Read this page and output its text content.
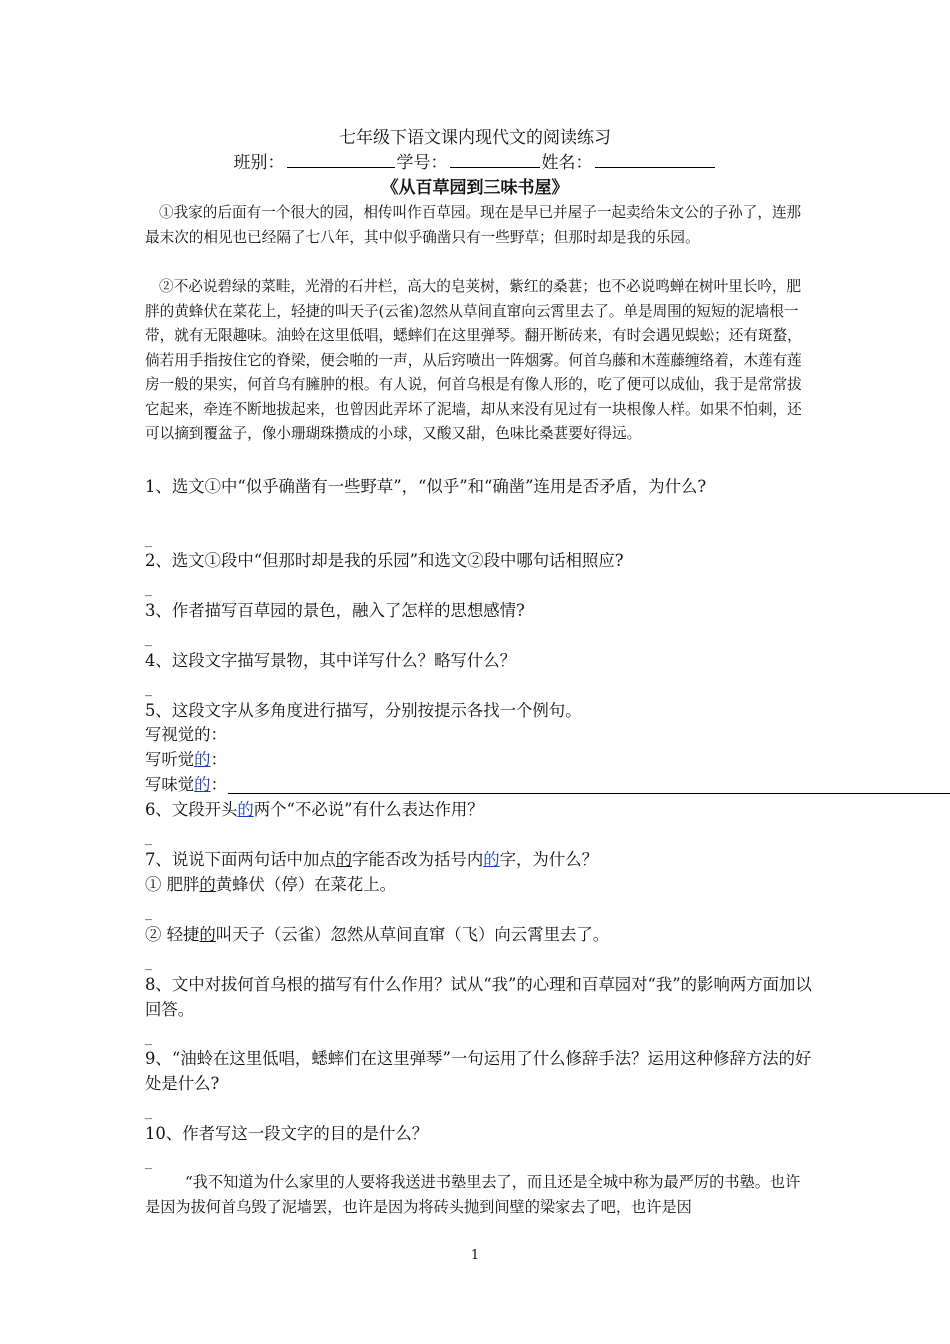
七年级下语文课内现代文的阅读练习
班别：	学号：	姓名：
《从百草园到三味书屋》
①我家的后面有一个很大的园，相传叫作百草园。现在是早已并屋子一起卖给朱文公的子孙了，连那最末次的相见也已经隔了七八年，其中似乎确凿只有一些野草；但那时却是我的乐园。
②不必说碧绿的菜畦，光滑的石井栏，高大的皂荚树，紫红的桑葚；也不必说鸣蝉在树叶里长吟，肥胖的黄蜂伏在菜花上，轻捷的叫天子(云雀)忽然从草间直窜向云霄里去了。单是周围的短短的泥墙根一带，就有无限趣味。油蛉在这里低唱，蟋蟀们在这里弹琴。翻开断砖来，有时会遇见蜈蚣；还有斑蝥，倘若用手指按住它的脊梁，便会啪的一声，从后窍喷出一阵烟雾。何首乌藤和木莲藤缠络着，木莲有莲房一般的果实，何首乌有臃肿的根。有人说，何首乌根是有像人形的，吃了便可以成仙，我于是常常拔它起来，牵连不断地拔起来，也曾因此弄坏了泥墙，却从来没有见过有一块根像人样。如果不怕刺，还可以摘到覆盆子，像小珊瑚珠攒成的小球，又酸又甜，色味比桑葚要好得远。
1、选文①中“似乎确凿有一些野草”，“似乎”和“确凿”连用是否矛盾，为什么?
_
2、选文①段中“但那时却是我的乐园”和选文②段中哪句话相照应?
_
3、作者描写百草园的景色，融入了怎样的思想感情?
_
4、这段文字描写景物，其中详写什么？略写什么？
_
5、这段文字从多角度进行描写，分别按提示各找一个例句。
写视觉的：
写听觉的：
写味觉的：
6、文段开头的两个“不必说”有什么表达作用？
_
7、说说下面两句话中加点的字能否改为括号内的字，为什么？
① 肥胖的黄蜂伏（停）在菜花上。
_
② 轻捷的叫天子（云雀）忽然从草间直窜（飞）向云霄里去了。
_
8、文中对拔何首乌根的描写有什么作用？试从“我”的心理和百草园对“我”的影响两方面加以回答。
_
9、“油蛉在这里低唱，蟋蟀们在这里弹琴”一句运用了什么修辞手法？运用这种修辞方法的好处是什么?
_
10、作者写这一段文字的目的是什么？
_
“我不知道为什么家里的人要将我送进书塾里去了，而且还是全城中称为最严厉的书塾。也许是因为拔何首乌毁了泥墙罢，也许是因为将砖头抛到间壁的梁家去了吧，也许是因
1
